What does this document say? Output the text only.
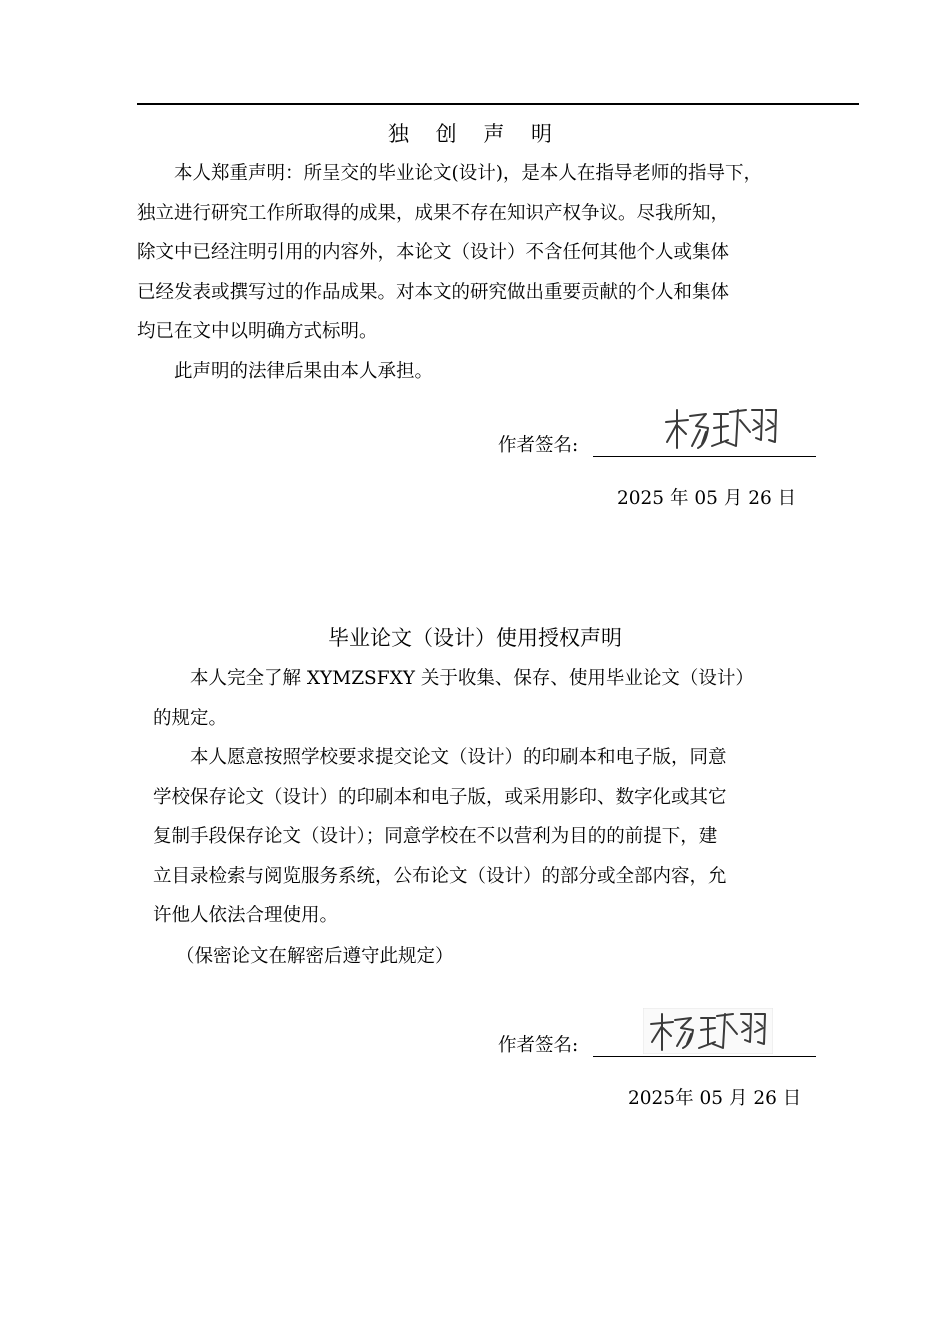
独 创 声 明
本人郑重声明：所呈交的毕业论文(设计)，是本人在指导老师的指导下，
独立进行研究工作所取得的成果，成果不存在知识产权争议。尽我所知，
除文中已经注明引用的内容外，本论文（设计）不含任何其他个人或集体
已经发表或撰写过的作品成果。对本文的研究做出重要贡献的个人和集体
均已在文中以明确方式标明。
此声明的法律后果由本人承担。
作者签名:
2025 年 05 月 26 日
毕业论文（设计）使用授权声明
本人完全了解 XYMZSFXY 关于收集、保存、使用毕业论文（设计）
的规定。
本人愿意按照学校要求提交论文（设计）的印刷本和电子版，同意
学校保存论文（设计）的印刷本和电子版，或采用影印、数字化或其它
复制手段保存论文（设计）；同意学校在不以营利为目的的前提下，建
立目录检索与阅览服务系统，公布论文（设计）的部分或全部内容，允
许他人依法合理使用。
（保密论文在解密后遵守此规定）
作者签名:
2025年 05 月 26 日
